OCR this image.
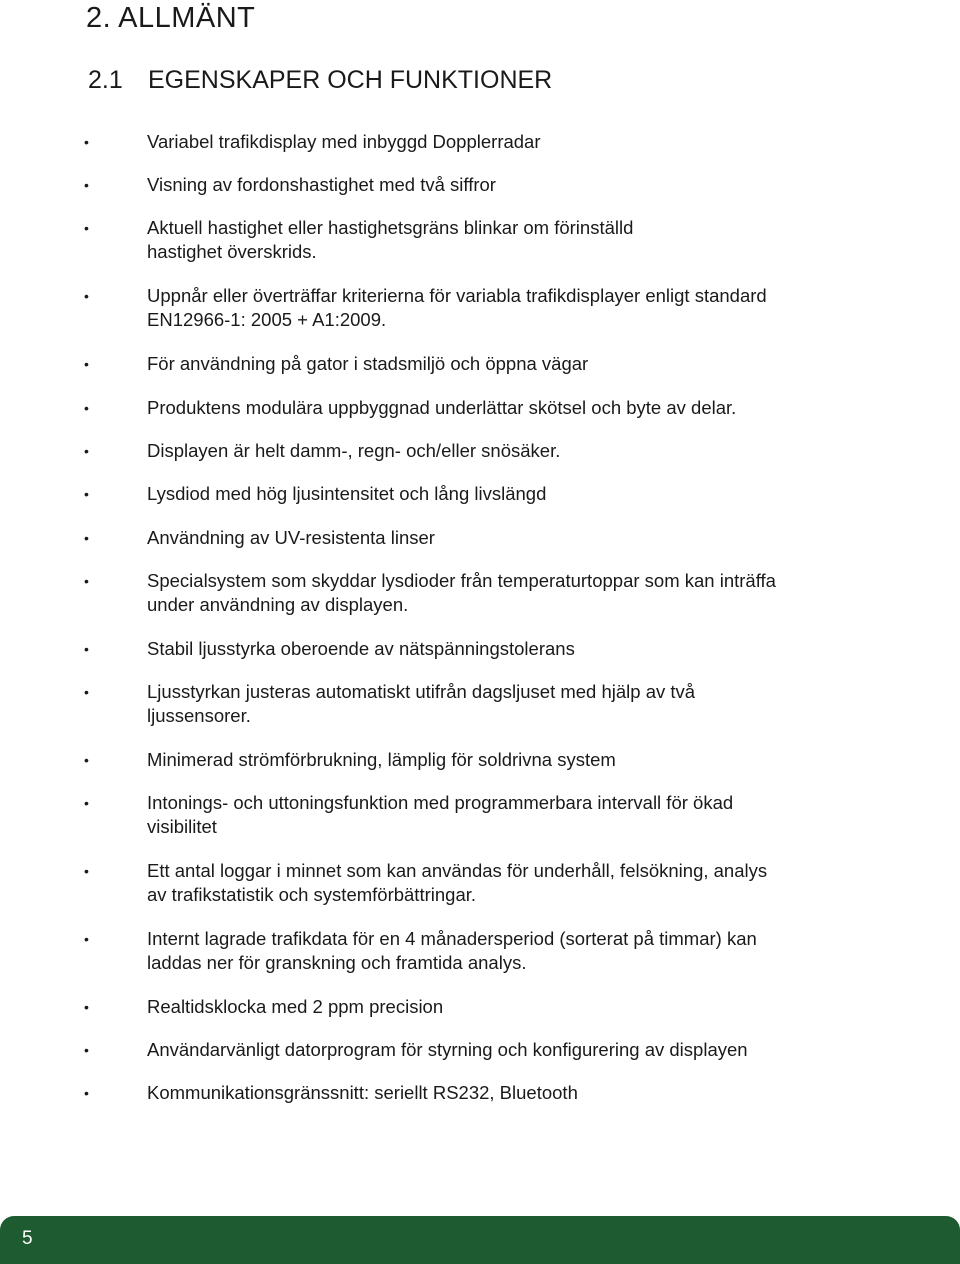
2. ALLMÄNT
2.1 EGENSKAPER OCH FUNKTIONER
•	Variabel trafikdisplay med inbyggd Dopplerradar
•	Visning av fordonshastighet med två siffror
•	Aktuell hastighet eller hastighetsgräns blinkar om förinställd hastighet överskrids.
•	Uppnår eller överträffar kriterierna för variabla trafikdisplayer enligt standard EN12966-1: 2005 + A1:2009.
•	För användning på gator i stadsmiljö och öppna vägar
•	Produktens modulära uppbyggnad underlättar skötsel och byte av delar.
•	Displayen är helt damm-, regn- och/eller snösäker.
•	Lysdiod med hög ljusintensitet och lång livslängd
•	Användning av UV-resistenta linser
•	Specialsystem som skyddar lysdioder från temperaturtoppar som kan inträffa under användning av displayen.
•	Stabil ljusstyrka oberoende av nätspänningstolerans
•	Ljusstyrkan justeras automatiskt utifrån dagsljuset med hjälp av två ljussensorer.
•	Minimerad strömförbrukning, lämplig för soldrivna system
•	Intonings- och uttoningsfunktion med programmerbara intervall för ökad visibilitet
•	Ett antal loggar i minnet som kan användas för underhåll, felsökning, analys av trafikstatistik och systemförbättringar.
•	Internt lagrade trafikdata för en 4 månadersperiod (sorterat på timmar) kan laddas ner för granskning och framtida analys.
•	Realtidsklocka med 2 ppm precision
•	Användarvänligt datorprogram för styrning och konfigurering av displayen
•	Kommunikationsgränssnitt: seriellt RS232, Bluetooth
5
